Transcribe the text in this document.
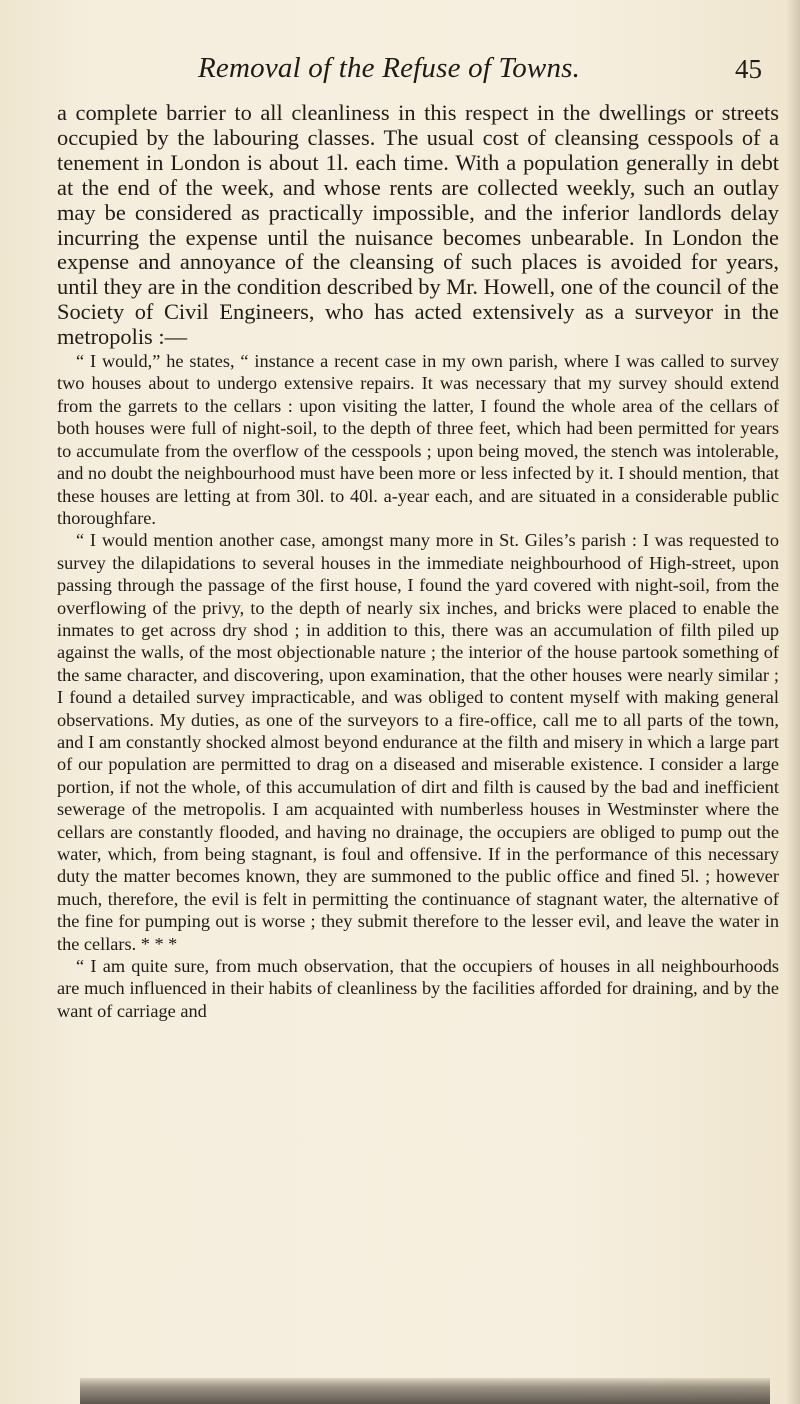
Removal of the Refuse of Towns.	45

a complete barrier to all cleanliness in this respect in the dwellings or streets occupied by the labouring classes. The usual cost of cleansing cesspools of a tenement in London is about 1l. each time. With a population generally in debt at the end of the week, and whose rents are collected weekly, such an outlay may be considered as practically impossible, and the inferior landlords delay incurring the expense until the nuisance becomes unbearable. In London the expense and annoyance of the cleansing of such places is avoided for years, until they are in the condition described by Mr. Howell, one of the council of the Society of Civil Engineers, who has acted extensively as a surveyor in the metropolis :—

“ I would,” he states, “ instance a recent case in my own parish, where I was called to survey two houses about to undergo extensive repairs. It was necessary that my survey should extend from the garrets to the cellars : upon visiting the latter, I found the whole area of the cellars of both houses were full of night-soil, to the depth of three feet, which had been permitted for years to accumulate from the overflow of the cesspools ; upon being moved, the stench was intolerable, and no doubt the neighbourhood must have been more or less infected by it. I should mention, that these houses are letting at from 30l. to 40l. a-year each, and are situated in a considerable public thoroughfare.

“ I would mention another case, amongst many more in St. Giles’s parish : I was requested to survey the dilapidations to several houses in the immediate neighbourhood of High-street, upon passing through the passage of the first house, I found the yard covered with night-soil, from the overflowing of the privy, to the depth of nearly six inches, and bricks were placed to enable the inmates to get across dry shod ; in addition to this, there was an accumulation of filth piled up against the walls, of the most objectionable nature ; the interior of the house partook something of the same character, and discovering, upon examination, that the other houses were nearly similar ; I found a detailed survey impracticable, and was obliged to content myself with making general observations. My duties, as one of the surveyors to a fire-office, call me to all parts of the town, and I am constantly shocked almost beyond endurance at the filth and misery in which a large part of our population are permitted to drag on a diseased and miserable existence. I consider a large portion, if not the whole, of this accumulation of dirt and filth is caused by the bad and inefficient sewerage of the metropolis. I am acquainted with numberless houses in Westminster where the cellars are constantly flooded, and having no drainage, the occupiers are obliged to pump out the water, which, from being stagnant, is foul and offensive. If in the performance of this necessary duty the matter becomes known, they are summoned to the public office and fined 5l. ; however much, therefore, the evil is felt in permitting the continuance of stagnant water, the alternative of the fine for pumping out is worse ; they submit therefore to the lesser evil, and leave the water in the cellars. * * *

“ I am quite sure, from much observation, that the occupiers of houses in all neighbourhoods are much influenced in their habits of cleanliness by the facilities afforded for draining, and by the want of carriage and
